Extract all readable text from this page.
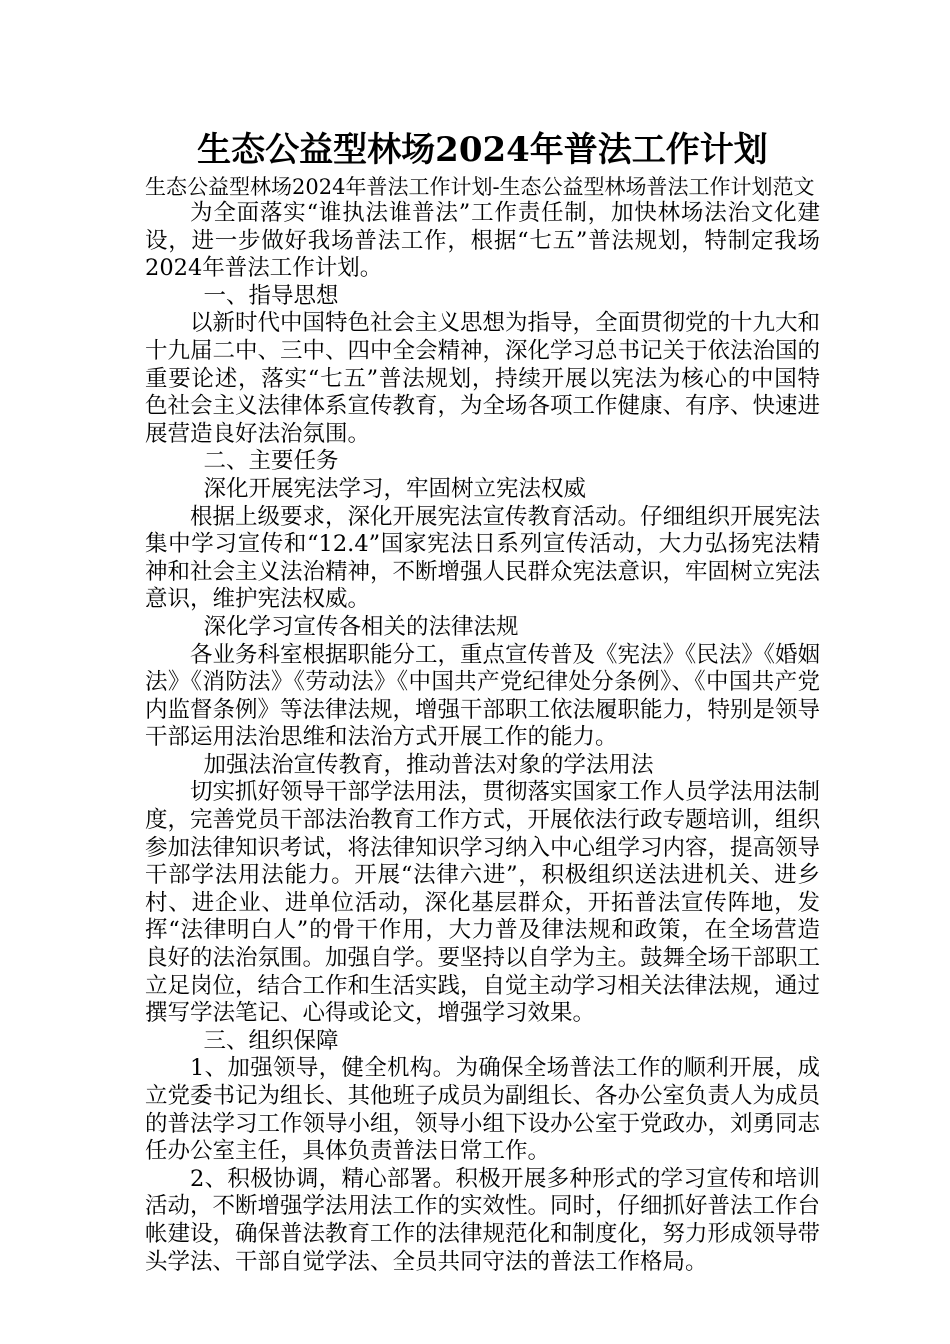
生态公益型林场2024年普法工作计划

生态公益型林场2024年普法工作计划-生态公益型林场普法工作计划范文

为全面落实“谁执法谁普法”工作责任制，加快林场法治文化建设，进一步做好我场普法工作，根据“七五”普法规划，特制定我场2024年普法工作计划。

一、指导思想

以新时代中国特色社会主义思想为指导，全面贯彻党的十九大和十九届二中、三中、四中全会精神，深化学习总书记关于依法治国的重要论述，落实“七五”普法规划，持续开展以宪法为核心的中国特色社会主义法律体系宣传教育，为全场各项工作健康、有序、快速进展营造良好法治氛围。

二、主要任务

深化开展宪法学习，牢固树立宪法权威

根据上级要求，深化开展宪法宣传教育活动。仔细组织开展宪法集中学习宣传和“12.4”国家宪法日系列宣传活动，大力弘扬宪法精神和社会主义法治精神，不断增强人民群众宪法意识，牢固树立宪法意识，维护宪法权威。

深化学习宣传各相关的法律法规

各业务科室根据职能分工，重点宣传普及《宪法》《民法》《婚姻法》《消防法》《劳动法》《中国共产党纪律处分条例》、《中国共产党内监督条例》等法律法规，增强干部职工依法履职能力，特别是领导干部运用法治思维和法治方式开展工作的能力。

加强法治宣传教育，推动普法对象的学法用法

切实抓好领导干部学法用法，贯彻落实国家工作人员学法用法制度，完善党员干部法治教育工作方式，开展依法行政专题培训，组织参加法律知识考试，将法律知识学习纳入中心组学习内容，提高领导干部学法用法能力。开展“法律六进”，积极组织送法进机关、进乡村、进企业、进单位活动，深化基层群众，开拓普法宣传阵地，发挥“法律明白人”的骨干作用，大力普及律法规和政策，在全场营造良好的法治氛围。加强自学。要坚持以自学为主。鼓舞全场干部职工立足岗位，结合工作和生活实践，自觉主动学习相关法律法规，通过撰写学法笔记、心得或论文，增强学习效果。

三、组织保障

1、加强领导，健全机构。为确保全场普法工作的顺利开展，成立党委书记为组长、其他班子成员为副组长、各办公室负责人为成员的普法学习工作领导小组，领导小组下设办公室于党政办，刘勇同志任办公室主任，具体负责普法日常工作。

2、积极协调，精心部署。积极开展多种形式的学习宣传和培训活动，不断增强学法用法工作的实效性。同时，仔细抓好普法工作台帐建设，确保普法教育工作的法律规范化和制度化，努力形成领导带头学法、干部自觉学法、全员共同守法的普法工作格局。
